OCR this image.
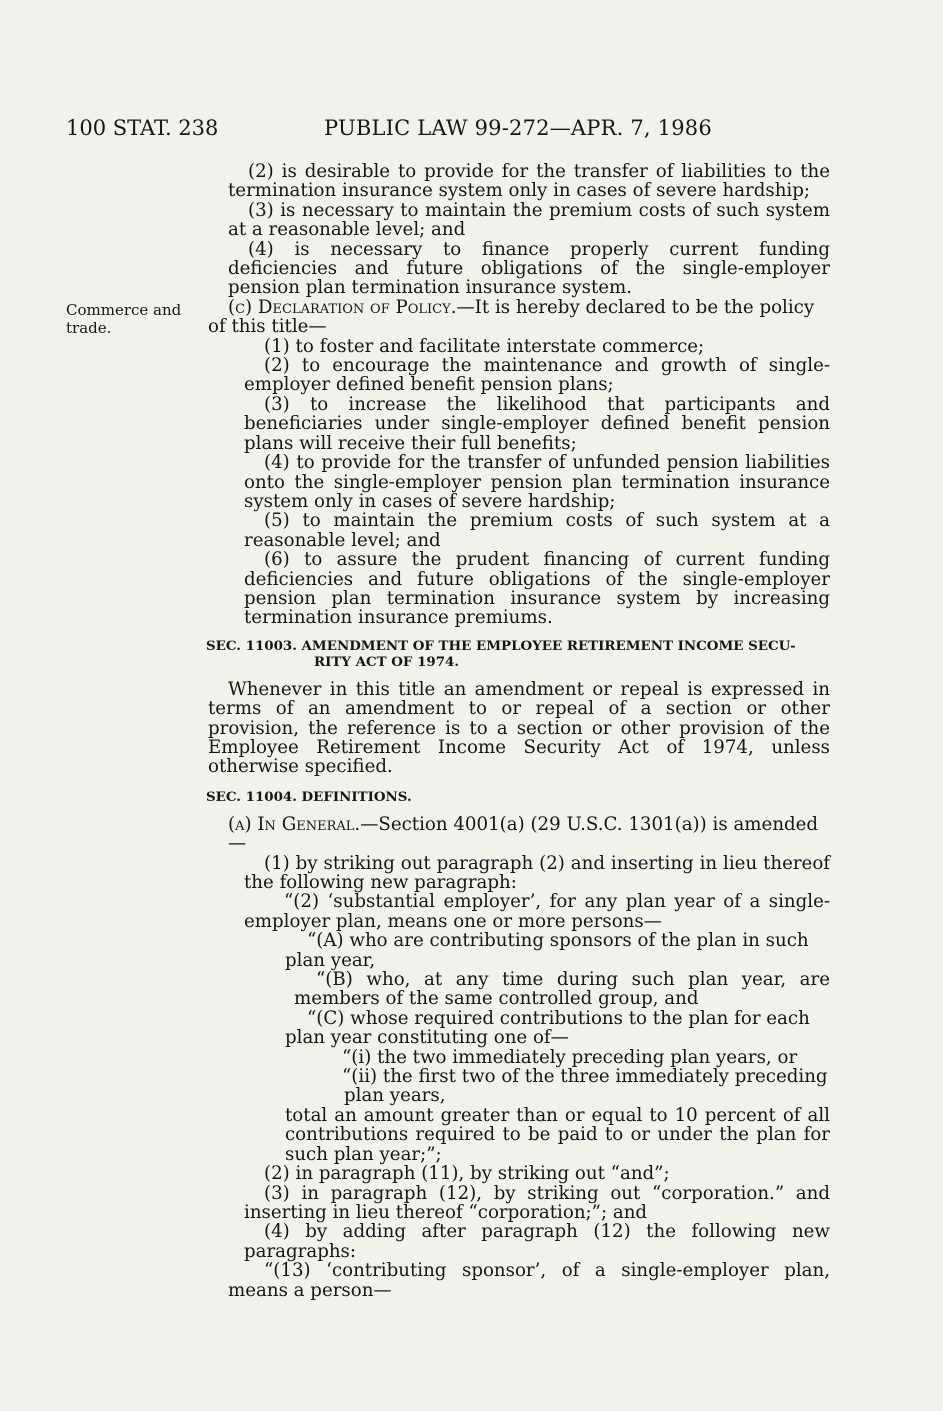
100 STAT. 238	PUBLIC LAW 99-272—APR. 7, 1986
Commerce and
trade.

(2) is desirable to provide for the transfer of liabilities to the termination insurance system only in cases of severe hardship;

(3) is necessary to maintain the premium costs of such system at a reasonable level; and

(4) is necessary to finance properly current funding deficiencies and future obligations of the single-employer pension plan termination insurance system.

(c) Declaration of Policy.—It is hereby declared to be the policy

of this title—

(1) to foster and facilitate interstate commerce;

(2) to encourage the maintenance and growth of single-employer defined benefit pension plans;

(3) to increase the likelihood that participants and beneficiaries under single-employer defined benefit pension plans will receive their full benefits;

(4) to provide for the transfer of unfunded pension liabilities onto the single-employer pension plan termination insurance system only in cases of severe hardship;

(5) to maintain the premium costs of such system at a reasonable level; and

(6) to assure the prudent financing of current funding deficiencies and future obligations of the single-employer pension plan termination insurance system by increasing termination insurance premiums.

SEC. 11003. AMENDMENT OF THE EMPLOYEE RETIREMENT INCOME SECU-
RITY ACT OF 1974.

Whenever in this title an amendment or repeal is expressed in terms of an amendment to or repeal of a section or other provision, the reference is to a section or other provision of the Employee Retirement Income Security Act of 1974, unless otherwise specified.

SEC. 11004. DEFINITIONS.

(a) In General.—Section 4001(a) (29 U.S.C. 1301(a)) is amended—

(1) by striking out paragraph (2) and inserting in lieu thereof the following new paragraph:

“(2) ‘substantial employer’, for any plan year of a single-employer plan, means one or more persons—

“(A) who are contributing sponsors of the plan in such

plan year,

“(B) who, at any time during such plan year, are members of the same controlled group, and

“(C) whose required contributions to the plan for each

plan year constituting one of—

“(i) the two immediately preceding plan years, or

“(ii) the first two of the three immediately preceding

plan years,

total an amount greater than or equal to 10 percent of all contributions required to be paid to or under the plan for such plan year;”;

(2) in paragraph (11), by striking out “and”;

(3) in paragraph (12), by striking out “corporation.” and inserting in lieu thereof “corporation;”; and

(4) by adding after paragraph (12) the following new paragraphs:

“(13) ‘contributing sponsor’, of a single-employer plan, means a person—
